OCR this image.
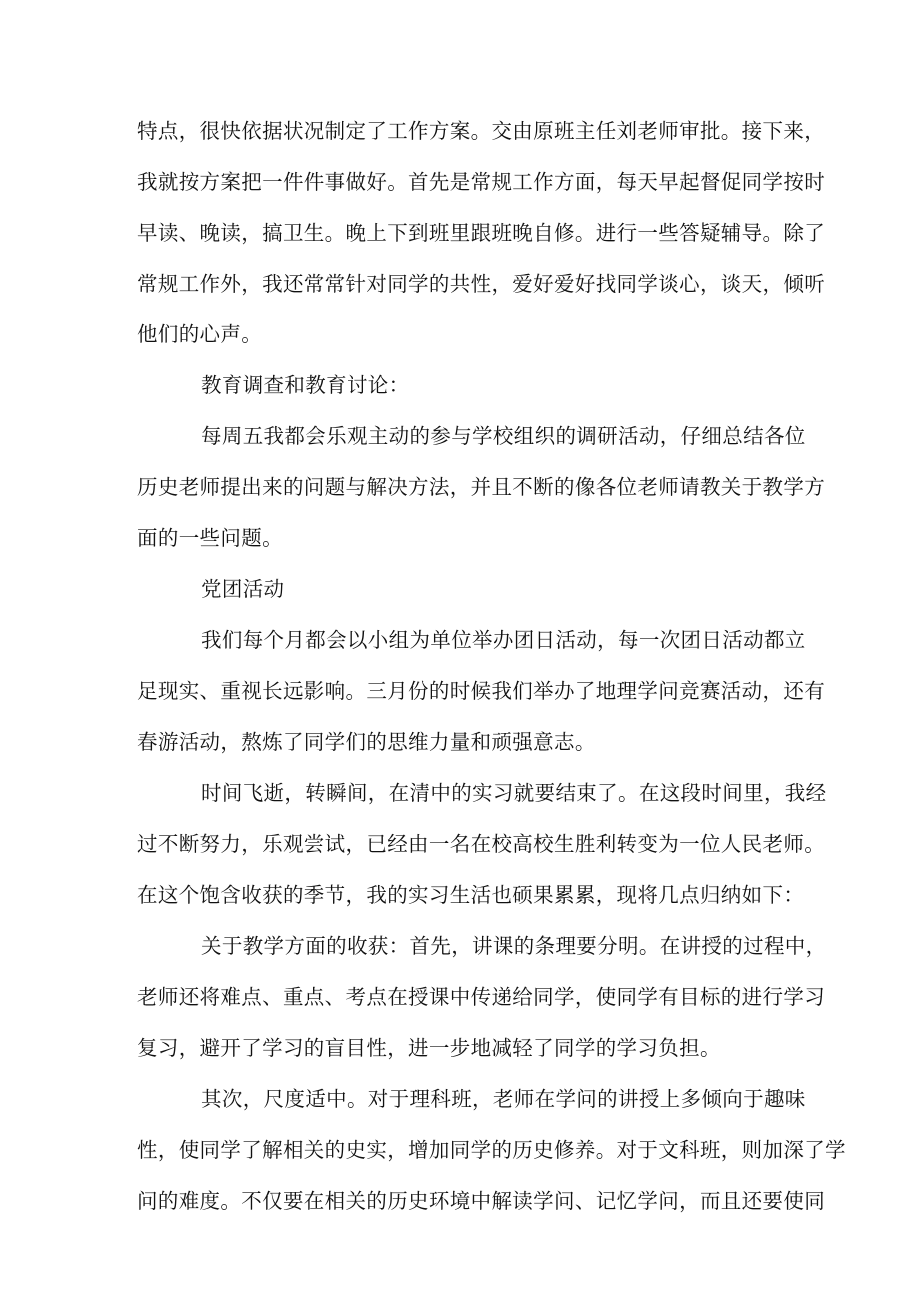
特点，很快依据状况制定了工作方案。交由原班主任刘老师审批。接下来，
我就按方案把一件件事做好。首先是常规工作方面，每天早起督促同学按时
早读、晚读，搞卫生。晚上下到班里跟班晚自修。进行一些答疑辅导。除了
常规工作外，我还常常针对同学的共性，爱好爱好找同学谈心，谈天，倾听
他们的心声。
教育调查和教育讨论：
每周五我都会乐观主动的参与学校组织的调研活动，仔细总结各位
历史老师提出来的问题与解决方法，并且不断的像各位老师请教关于教学方
面的一些问题。
党团活动
我们每个月都会以小组为单位举办团日活动，每一次团日活动都立
足现实、重视长远影响。三月份的时候我们举办了地理学问竞赛活动，还有
春游活动，熬炼了同学们的思维力量和顽强意志。
时间飞逝，转瞬间，在清中的实习就要结束了。在这段时间里，我经
过不断努力，乐观尝试，已经由一名在校高校生胜利转变为一位人民老师。
在这个饱含收获的季节，我的实习生活也硕果累累，现将几点归纳如下：
关于教学方面的收获：首先，讲课的条理要分明。在讲授的过程中，
老师还将难点、重点、考点在授课中传递给同学，使同学有目标的进行学习
复习，避开了学习的盲目性，进一步地减轻了同学的学习负担。
其次，尺度适中。对于理科班，老师在学问的讲授上多倾向于趣味
性，使同学了解相关的史实，增加同学的历史修养。对于文科班，则加深了学
问的难度。不仅要在相关的历史环境中解读学问、记忆学问，而且还要使同
